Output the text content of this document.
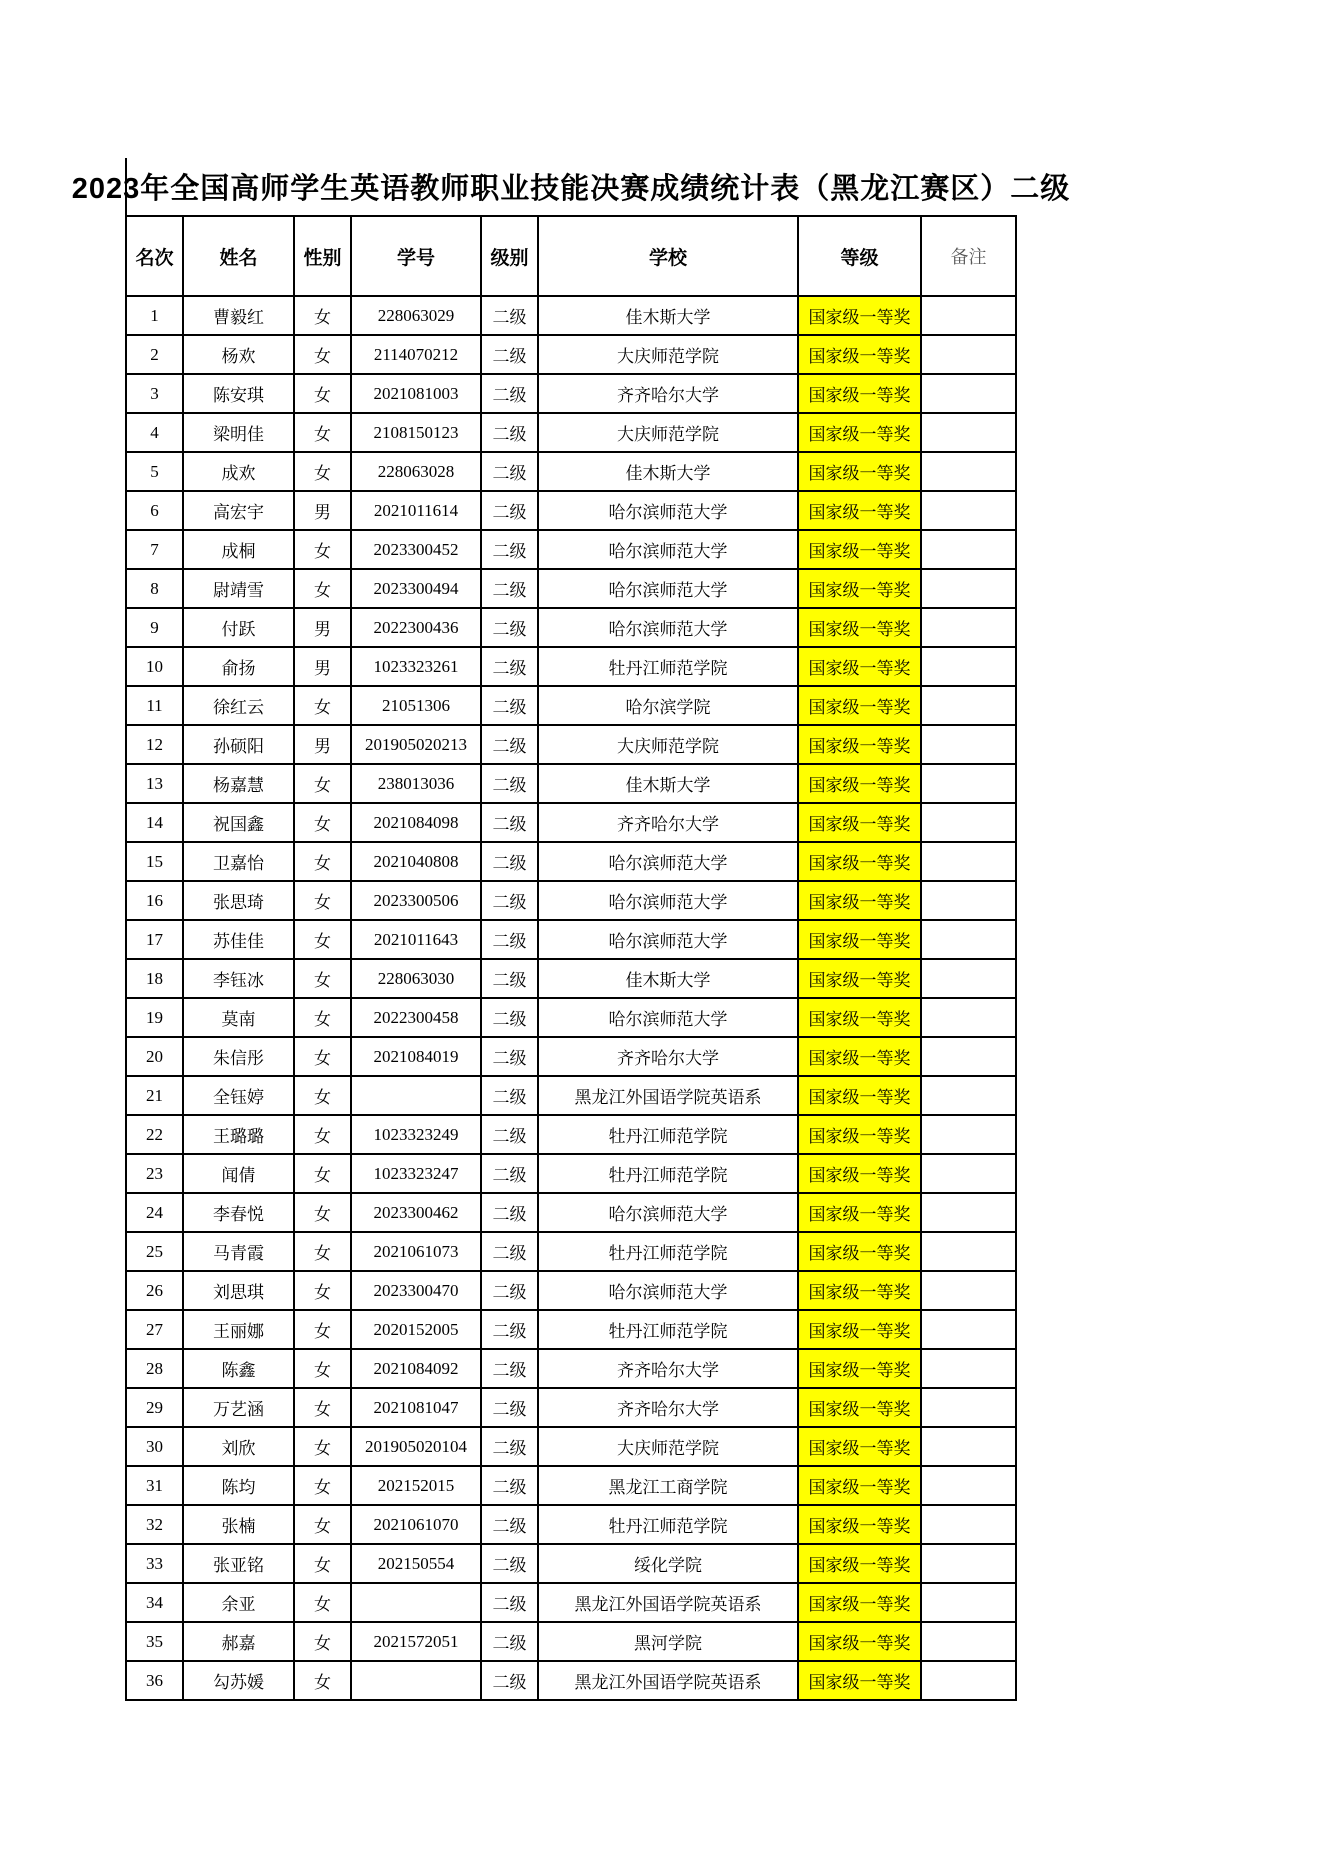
2023年全国高师学生英语教师职业技能决赛成绩统计表（黑龙江赛区）二级
名次	姓名	性别	学号	级别	学校	等级	备注
1	曹毅红	女	228063029	二级	佳木斯大学	国家级一等奖	
2	杨欢	女	2114070212	二级	大庆师范学院	国家级一等奖	
3	陈安琪	女	2021081003	二级	齐齐哈尔大学	国家级一等奖	
4	梁明佳	女	2108150123	二级	大庆师范学院	国家级一等奖	
5	成欢	女	228063028	二级	佳木斯大学	国家级一等奖	
6	高宏宇	男	2021011614	二级	哈尔滨师范大学	国家级一等奖	
7	成桐	女	2023300452	二级	哈尔滨师范大学	国家级一等奖	
8	尉靖雪	女	2023300494	二级	哈尔滨师范大学	国家级一等奖	
9	付跃	男	2022300436	二级	哈尔滨师范大学	国家级一等奖	
10	俞扬	男	1023323261	二级	牡丹江师范学院	国家级一等奖	
11	徐红云	女	21051306	二级	哈尔滨学院	国家级一等奖	
12	孙硕阳	男	201905020213	二级	大庆师范学院	国家级一等奖	
13	杨嘉慧	女	238013036	二级	佳木斯大学	国家级一等奖	
14	祝国鑫	女	2021084098	二级	齐齐哈尔大学	国家级一等奖	
15	卫嘉怡	女	2021040808	二级	哈尔滨师范大学	国家级一等奖	
16	张思琦	女	2023300506	二级	哈尔滨师范大学	国家级一等奖	
17	苏佳佳	女	2021011643	二级	哈尔滨师范大学	国家级一等奖	
18	李钰冰	女	228063030	二级	佳木斯大学	国家级一等奖	
19	莫南	女	2022300458	二级	哈尔滨师范大学	国家级一等奖	
20	朱信彤	女	2021084019	二级	齐齐哈尔大学	国家级一等奖	
21	全钰婷	女		二级	黑龙江外国语学院英语系	国家级一等奖	
22	王璐璐	女	1023323249	二级	牡丹江师范学院	国家级一等奖	
23	闻倩	女	1023323247	二级	牡丹江师范学院	国家级一等奖	
24	李春悦	女	2023300462	二级	哈尔滨师范大学	国家级一等奖	
25	马青霞	女	2021061073	二级	牡丹江师范学院	国家级一等奖	
26	刘思琪	女	2023300470	二级	哈尔滨师范大学	国家级一等奖	
27	王丽娜	女	2020152005	二级	牡丹江师范学院	国家级一等奖	
28	陈鑫	女	2021084092	二级	齐齐哈尔大学	国家级一等奖	
29	万艺涵	女	2021081047	二级	齐齐哈尔大学	国家级一等奖	
30	刘欣	女	201905020104	二级	大庆师范学院	国家级一等奖	
31	陈均	女	202152015	二级	黑龙江工商学院	国家级一等奖	
32	张楠	女	2021061070	二级	牡丹江师范学院	国家级一等奖	
33	张亚铭	女	202150554	二级	绥化学院	国家级一等奖	
34	余亚	女		二级	黑龙江外国语学院英语系	国家级一等奖	
35	郝嘉	女	2021572051	二级	黑河学院	国家级一等奖	
36	勾苏媛	女		二级	黑龙江外国语学院英语系	国家级一等奖	
